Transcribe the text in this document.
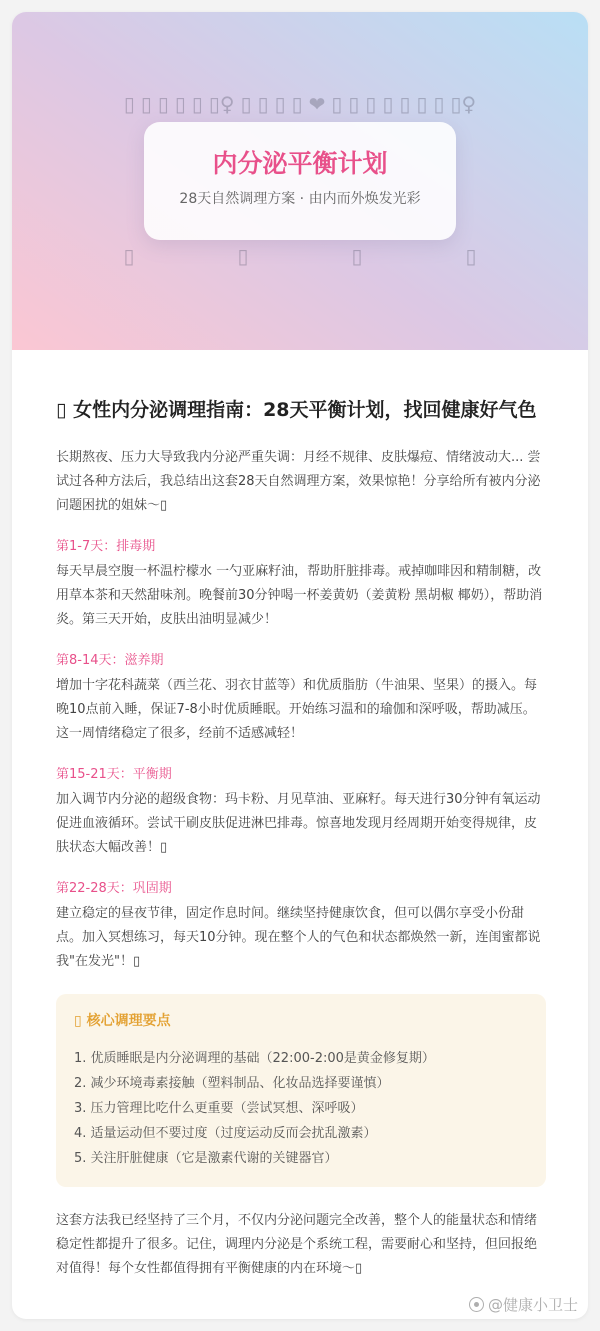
▯ ▯ ▯ ▯ ▯ ▯♀ ▯ ▯ ▯ ▯ ❤ ▯ ▯ ▯ ▯ ▯ ▯ ▯ ▯♀
内分泌平衡计划

28天自然调理方案 · 由内而外焕发光彩

▯	▯	▯	▯
▯ 女性内分泌调理指南：28天平衡计划，找回健康好气色

长期熬夜、压力大导致我内分泌严重失调：月经不规律、皮肤爆痘、情绪波动大... 尝试过各种方法后，我总结出这套28天自然调理方案，效果惊艳！分享给所有被内分泌问题困扰的姐妹～▯

第1-7天：排毒期

每天早晨空腹一杯温柠檬水 一勺亚麻籽油，帮助肝脏排毒。戒掉咖啡因和精制糖，改用草本茶和天然甜味剂。晚餐前30分钟喝一杯姜黄奶（姜黄粉 黑胡椒 椰奶），帮助消炎。第三天开始，皮肤出油明显减少！

第8-14天：滋养期

增加十字花科蔬菜（西兰花、羽衣甘蓝等）和优质脂肪（牛油果、坚果）的摄入。每晚10点前入睡，保证7-8小时优质睡眠。开始练习温和的瑜伽和深呼吸，帮助减压。这一周情绪稳定了很多，经前不适感减轻！

第15-21天：平衡期

加入调节内分泌的超级食物：玛卡粉、月见草油、亚麻籽。每天进行30分钟有氧运动促进血液循环。尝试干刷皮肤促进淋巴排毒。惊喜地发现月经周期开始变得规律，皮肤状态大幅改善！▯

第22-28天：巩固期

建立稳定的昼夜节律，固定作息时间。继续坚持健康饮食，但可以偶尔享受小份甜点。加入冥想练习，每天10分钟。现在整个人的气色和状态都焕然一新，连闺蜜都说我"在发光"！▯

▯ 核心调理要点
1. 优质睡眠是内分泌调理的基础（22:00-2:00是黄金修复期）
2. 减少环境毒素接触（塑料制品、化妆品选择要谨慎）
3. 压力管理比吃什么更重要（尝试冥想、深呼吸）
4. 适量运动但不要过度（过度运动反而会扰乱激素）
5. 关注肝脏健康（它是激素代谢的关键器官）

这套方法我已经坚持了三个月，不仅内分泌问题完全改善，整个人的能量状态和情绪稳定性都提升了很多。记住，调理内分泌是个系统工程，需要耐心和坚持，但回报绝对值得！每个女性都值得拥有平衡健康的内在环境～▯

@健康小卫士
